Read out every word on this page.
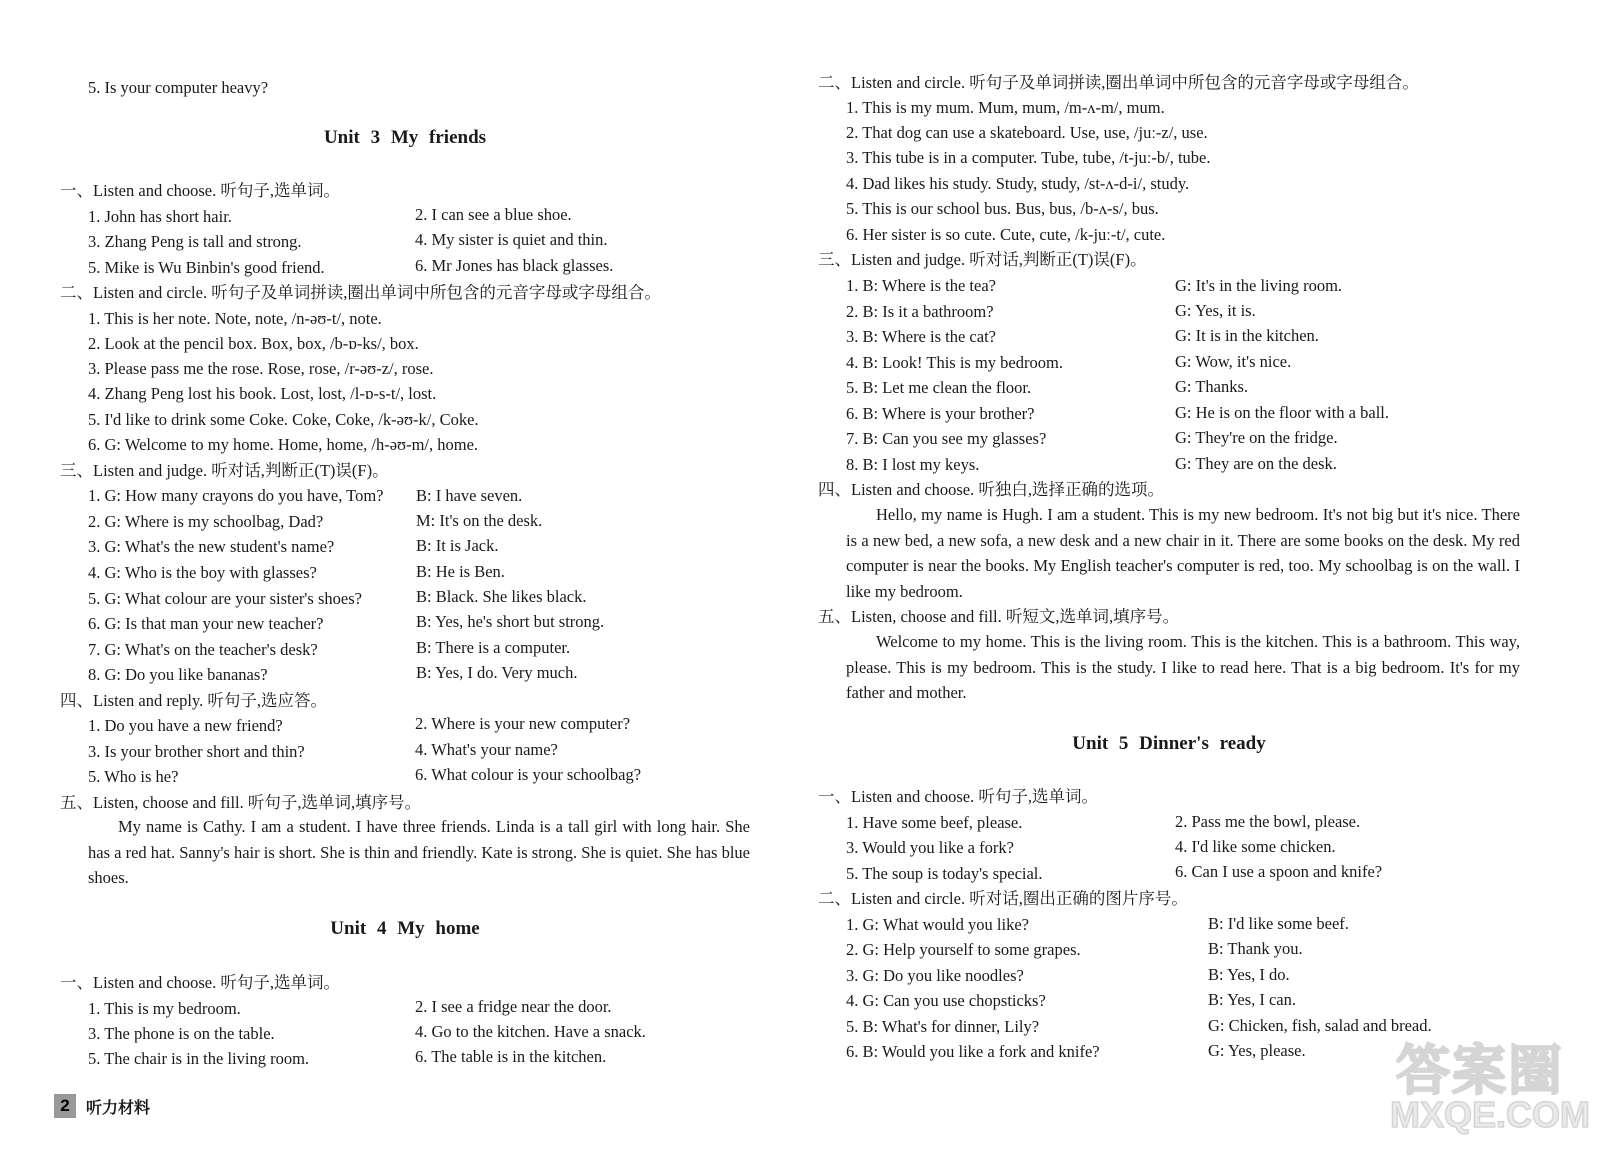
5. Is your computer heavy?
Unit 3 My friends
一、Listen and choose. 听句子,选单词。
1. John has short hair.	2. I can see a blue shoe.
3. Zhang Peng is tall and strong.	4. My sister is quiet and thin.
5. Mike is Wu Binbin's good friend.	6. Mr Jones has black glasses.
二、Listen and circle. 听句子及单词拼读,圈出单词中所包含的元音字母或字母组合。
1. This is her note. Note, note, /n-əʊ-t/, note.
2. Look at the pencil box. Box, box, /b-ɒ-ks/, box.
3. Please pass me the rose. Rose, rose, /r-əʊ-z/, rose.
4. Zhang Peng lost his book. Lost, lost, /l-ɒ-s-t/, lost.
5. I'd like to drink some Coke. Coke, Coke, /k-əʊ-k/, Coke.
6. G: Welcome to my home. Home, home, /h-əʊ-m/, home.
三、Listen and judge. 听对话,判断正(T)误(F)。
1. G: How many crayons do you have, Tom? B: I have seven.
2. G: Where is my schoolbag, Dad?	M: It's on the desk.
3. G: What's the new student's name?	B: It is Jack.
4. G: Who is the boy with glasses?	B: He is Ben.
5. G: What colour are your sister's shoes?	B: Black. She likes black.
6. G: Is that man your new teacher?	B: Yes, he's short but strong.
7. G: What's on the teacher's desk?	B: There is a computer.
8. G: Do you like bananas?	B: Yes, I do. Very much.
四、Listen and reply. 听句子,选应答。
1. Do you have a new friend?	2. Where is your new computer?
3. Is your brother short and thin?	4. What's your name?
5. Who is he?	6. What colour is your schoolbag?
五、Listen, choose and fill. 听句子,选单词,填序号。
My name is Cathy. I am a student. I have three friends. Linda is a tall girl with long hair. She has a red hat. Sanny's hair is short. She is thin and friendly. Kate is strong. She is quiet. She has blue shoes.
Unit 4 My home
一、Listen and choose. 听句子,选单词。
1. This is my bedroom.	2. I see a fridge near the door.
3. The phone is on the table.	4. Go to the kitchen. Have a snack.
5. The chair is in the living room.	6. The table is in the kitchen.
二、Listen and circle. 听句子及单词拼读,圈出单词中所包含的元音字母或字母组合。
1. This is my mum. Mum, mum, /m-ʌ-m/, mum.
2. That dog can use a skateboard. Use, use, /juː-z/, use.
3. This tube is in a computer. Tube, tube, /t-juː-b/, tube.
4. Dad likes his study. Study, study, /st-ʌ-d-i/, study.
5. This is our school bus. Bus, bus, /b-ʌ-s/, bus.
6. Her sister is so cute. Cute, cute, /k-juː-t/, cute.
三、Listen and judge. 听对话,判断正(T)误(F)。
1. B: Where is the tea?	G: It's in the living room.
2. B: Is it a bathroom?	G: Yes, it is.
3. B: Where is the cat?	G: It is in the kitchen.
4. B: Look! This is my bedroom.	G: Wow, it's nice.
5. B: Let me clean the floor.	G: Thanks.
6. B: Where is your brother?	G: He is on the floor with a ball.
7. B: Can you see my glasses?	G: They're on the fridge.
8. B: I lost my keys.	G: They are on the desk.
四、Listen and choose. 听独白,选择正确的选项。
Hello, my name is Hugh. I am a student. This is my new bedroom. It's not big but it's nice. There is a new bed, a new sofa, a new desk and a new chair in it. There are some books on the desk. My red computer is near the books. My English teacher's computer is red, too. My schoolbag is on the wall. I like my bedroom.
五、Listen, choose and fill. 听短文,选单词,填序号。
Welcome to my home. This is the living room. This is the kitchen. This is a bathroom. This way, please. This is my bedroom. This is the study. I like to read here. That is a big bedroom. It's for my father and mother.
Unit 5 Dinner's ready
一、Listen and choose. 听句子,选单词。
1. Have some beef, please.	2. Pass me the bowl, please.
3. Would you like a fork?	4. I'd like some chicken.
5. The soup is today's special.	6. Can I use a spoon and knife?
二、Listen and circle. 听对话,圈出正确的图片序号。
1. G: What would you like?	B: I'd like some beef.
2. G: Help yourself to some grapes.	B: Thank you.
3. G: Do you like noodles?	B: Yes, I do.
4. G: Can you use chopsticks?	B: Yes, I can.
5. B: What's for dinner, Lily?	G: Chicken, fish, salad and bread.
6. B: Would you like a fork and knife?	G: Yes, please.
2	听力材料
答案圈
MXQE.COM
